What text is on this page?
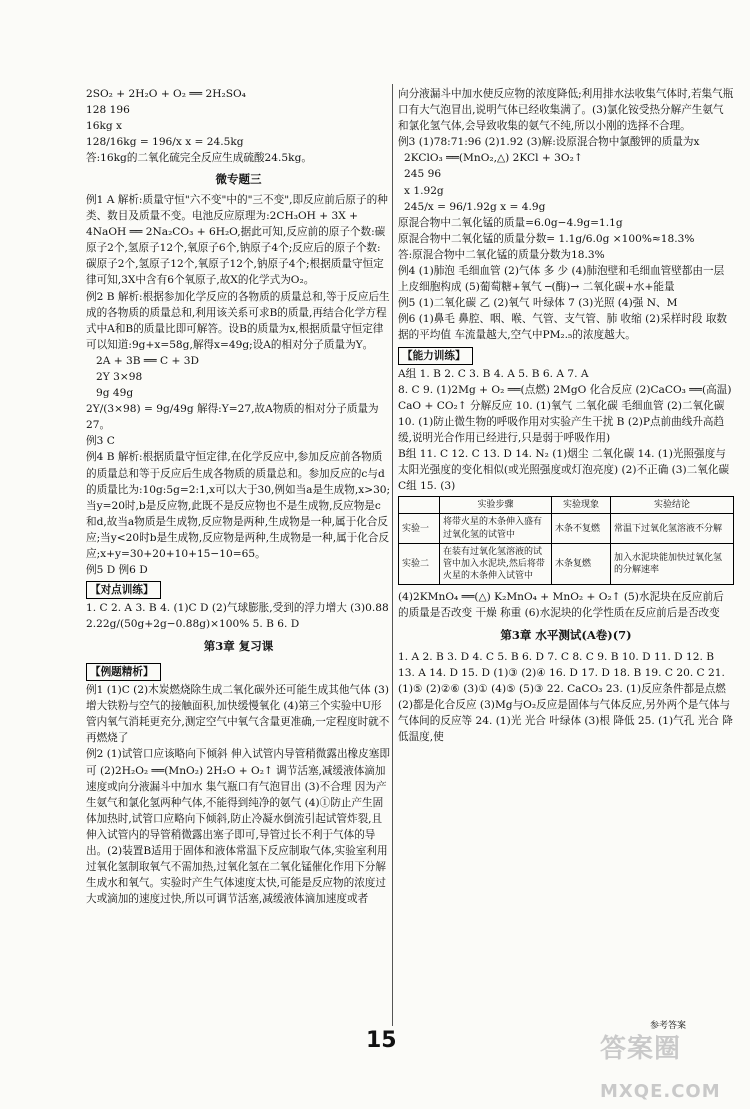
2SO₂ + 2H₂O + O₂ ══ 2H₂SO₄

128 196

16kg x

128/16kg = 196/x x = 24.5kg

答:16kg的二氧化硫完全反应生成硫酸24.5kg。

微专题三

例1 A 解析:质量守恒"六不变"中的"三不变",即反应前后原子的种类、数目及质量不变。电池反应原理为:2CH₃OH + 3X + 4NaOH ══ 2Na₂CO₃ + 6H₂O,据此可知,反应前的原子个数:碳原子2个,氢原子12个,氧原子6个,钠原子4个;反应后的原子个数:碳原子2个,氢原子12个,氧原子12个,钠原子4个;根据质量守恒定律可知,3X中含有6个氧原子,故X的化学式为O₂。

例2 B 解析:根据参加化学反应的各物质的质量总和,等于反应后生成的各物质的质量总和,利用该关系可求B的质量,再结合化学方程式中A和B的质量比即可解答。设B的质量为x,根据质量守恒定律可以知道:9g+x=58g,解得x=49g;设A的相对分子质量为Y。

2A + 3B ══ C + 3D

2Y 3×98

9g 49g

2Y/(3×98) = 9g/49g 解得:Y=27,故A物质的相对分子质量为27。

例3 C

例4 B 解析:根据质量守恒定律,在化学反应中,参加反应前各物质的质量总和等于反应后生成各物质的质量总和。参加反应的c与d的质量比为:10g:5g=2:1,x可以大于30,例如当a是生成物,x>30;当y=20时,b是反应物,此既不是反应物也不是生成物,反应物是c和d,故当a物质是生成物,反应物是两种,生成物是一种,属于化合反应;当y<20时b是生成物,反应物是两种,生成物是一种,属于化合反应;x+y=30+20+10+15−10=65。

例5 D 例6 D

【对点训练】

1. C 2. A 3. B 4. (1)C D (2)气球膨胀,受到的浮力增大 (3)0.88 2.22g/(50g+2g−0.88g)×100% 5. B 6. D

第3章 复习课

【例题精析】

例1 (1)C (2)木炭燃烧除生成二氧化碳外还可能生成其他气体 (3)增大铁粉与空气的接触面积,加快缓慢氧化 (4)第三个实验中U形管内氧气消耗更充分,测定空气中氧气含量更准确,一定程度时就不再燃烧了

例2 (1)试管口应该略向下倾斜 伸入试管内导管稍微露出橡皮塞即可 (2)2H₂O₂ ══(MnO₂) 2H₂O + O₂↑ 调节活塞,减缓液体滴加速度或向分液漏斗中加水 集气瓶口有气泡冒出 (3)不合理 因为产生氨气和氯化氢两种气体,不能得到纯净的氨气 (4)①防止产生固体加热时,试管口应略向下倾斜,防止冷凝水倒流引起试管炸裂,且伸入试管内的导管稍微露出塞子即可,导管过长不利于气体的导出。(2)装置B适用于固体和液体常温下反应制取气体,实验室利用过氧化氢制取氧气不需加热,过氧化氢在二氧化锰催化作用下分解生成水和氧气。实验时产生气体速度太快,可能是反应物的浓度过大或滴加的速度过快,所以可调节活塞,减缓液体滴加速度或者

向分液漏斗中加水使反应物的浓度降低;利用排水法收集气体时,若集气瓶口有大气泡冒出,说明气体已经收集满了。(3)氯化铵受热分解产生氨气和氯化氢气体,会导致收集的氨气不纯,所以小刚的选择不合理。

例3 (1)78:71:96 (2)1.92 (3)解:设原混合物中氯酸钾的质量为x

2KClO₃ ══(MnO₂,△) 2KCl + 3O₂↑

245 96

x 1.92g

245/x = 96/1.92g x = 4.9g

原混合物中二氧化锰的质量=6.0g−4.9g=1.1g

原混合物中二氧化锰的质量分数= 1.1g/6.0g ×100%≈18.3%

答:原混合物中二氧化锰的质量分数为18.3%

例4 (1)肺泡 毛细血管 (2)气体 多 少 (4)肺泡壁和毛细血管壁都由一层上皮细胞构成 (5)葡萄糖+氧气 ─(酶)→ 二氧化碳+水+能量

例5 (1)二氧化碳 乙 (2)氧气 叶绿体 7 (3)光照 (4)强 N、M

例6 (1)鼻毛 鼻腔、咽、喉、气管、支气管、肺 收缩 (2)采样时段 取数据的平均值 车流量越大,空气中PM₂.₅的浓度越大。

【能力训练】

A组 1. B 2. C 3. B 4. A 5. B 6. A 7. A

8. C 9. (1)2Mg + O₂ ══(点燃) 2MgO 化合反应 (2)CaCO₃ ══(高温) CaO + CO₂↑ 分解反应 10. (1)氧气 二氧化碳 毛细血管 (2)二氧化碳 10. (1)防止微生物的呼吸作用对实验产生干扰 B (2)P点前曲线升高趋缓,说明光合作用已经进行,只是弱于呼吸作用)

B组 11. C 12. C 13. D 14. N₂ (1)烟尘 二氧化碳 14. (1)光照强度与太阳光强度的变化相似(或光照强度或灯泡亮度) (2)不正确 (3)二氧化碳

C组 15. (3)

	实验步骤	实验现象	实验结论
实验一	将带火星的木条伸入盛有过氧化氢的试管中	木条不复燃	常温下过氧化氢溶液不分解
实验二	在装有过氧化氢溶液的试管中加入水泥块,然后将带火星的木条伸入试管中	木条复燃	加入水泥块能加快过氧化氢的分解速率

(4)2KMnO₄ ══(△) K₂MnO₄ + MnO₂ + O₂↑ (5)水泥块在反应前后的质量是否改变 干燥 称重 (6)水泥块的化学性质在反应前后是否改变

第3章 水平测试(A卷)(7)

1. A 2. B 3. D 4. C 5. B 6. D 7. C 8. C 9. B 10. D 11. D 12. B 13. A 14. D 15. D (1)③ (2)④ 16. D 17. D 18. B 19. C 20. C 21. (1)⑤ (2)②⑥ (3)① (4)⑤ (5)③ 22. CaCO₃ 23. (1)反应条件都是点燃 (2)都是化合反应 (3)Mg与O₂反应是固体与气体反应,另外两个是气体与气体间的反应等 24. (1)光 光合 叶绿体 (3)根 降低 25. (1)气孔 光合 降低温度,使

15
参考答案
答案圈 MXQE.COM
